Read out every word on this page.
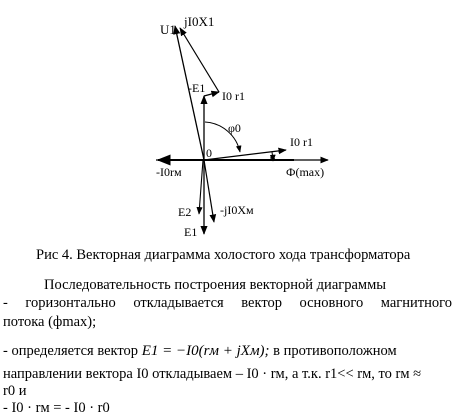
U1
jI0X1
-E1
I0 r1
φ0
I0 r1
α
0
Ф(max)
-I0rм
-jI0Xм
E2
E1
Рис 4. Векторная диаграмма холостого хода трансформатора
Последовательность построения векторной диаграммы
- горизонтально откладывается вектор основного магнитного
потока (фmax);
- определяется вектор E1 = −I0(rм + jXм); в противоположном
направлении вектора I0 откладываем – I0 · rм, а т.к. r1<< rм, то rм ≈
r0 и
- I0 · rм = - I0 · r0
